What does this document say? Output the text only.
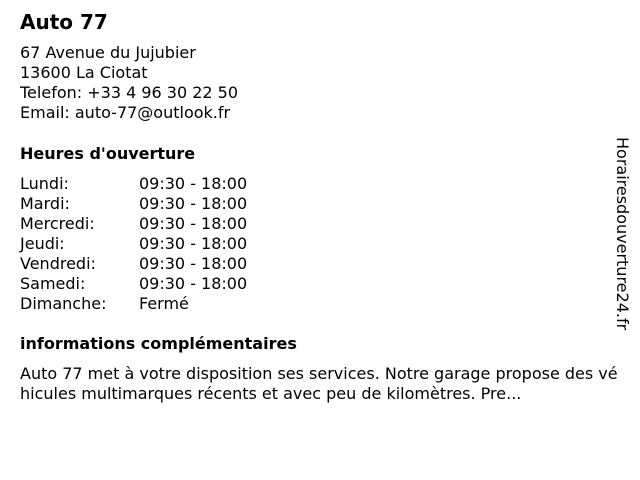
Auto 77
67 Avenue du Jujubier
13600 La Ciotat
Telefon: +33 4 96 30 22 50
Email: auto-77@outlook.fr
Heures d'ouverture
Lundi:	09:30 - 18:00
Mardi:	09:30 - 18:00
Mercredi:	09:30 - 18:00
Jeudi:	09:30 - 18:00
Vendredi:	09:30 - 18:00
Samedi:	09:30 - 18:00
Dimanche: Fermé
informations complémentaires
Auto 77 met à votre disposition ses services. Notre garage propose des véhicules multimarques récents et avec peu de kilomètres. Pre...
Horairesdouverture24.fr
